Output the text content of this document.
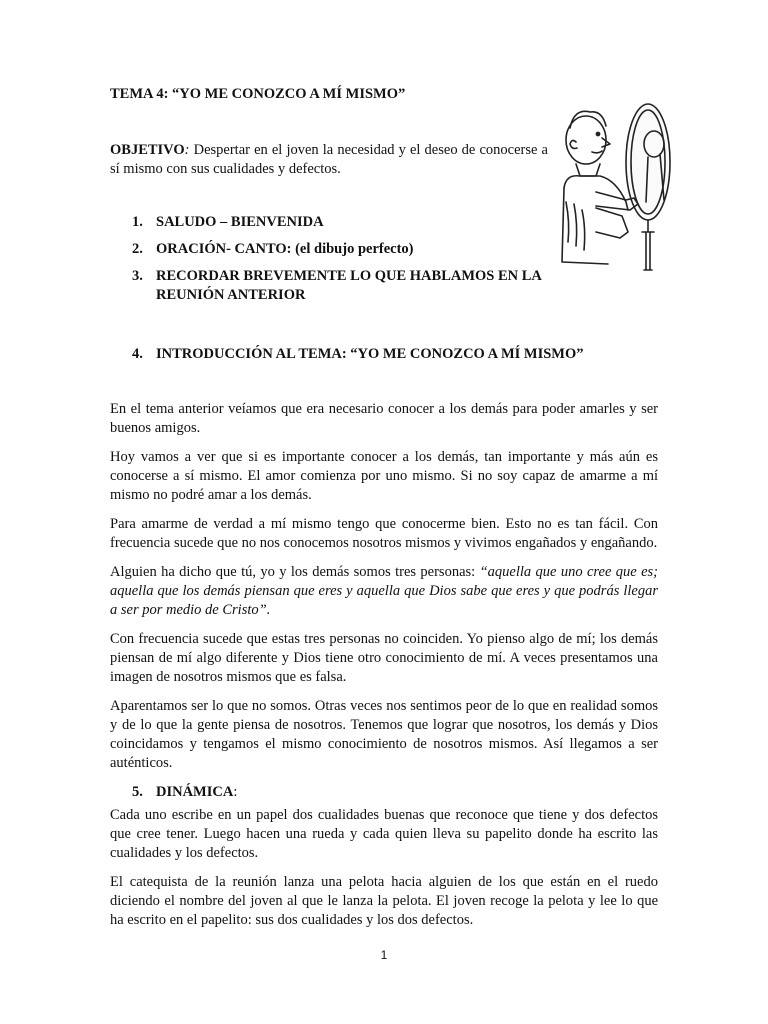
TEMA 4: “YO ME CONOZCO A MÍ MISMO”
OBJETIVO: Despertar en el joven la necesidad y el deseo de conocerse a sí mismo con sus cualidades y defectos.
1. SALUDO – BIENVENIDA
2. ORACIÓN- CANTO: (el dibujo perfecto)
3. RECORDAR BREVEMENTE LO QUE HABLAMOS EN LA REUNIÓN ANTERIOR
4. INTRODUCCIÓN AL TEMA: “YO ME CONOZCO A MÍ MISMO”

En el tema anterior veíamos que era necesario conocer a los demás para poder amarles y ser buenos amigos.

Hoy vamos a ver que si es importante conocer a los demás, tan importante y más aún es conocerse a sí mismo. El amor comienza por uno mismo. Si no soy capaz de amarme a mí mismo no podré amar a los demás.

Para amarme de verdad a mí mismo tengo que conocerme bien. Esto no es tan fácil. Con frecuencia sucede que no nos conocemos nosotros mismos y vivimos engañados y engañando.

Alguien ha dicho que tú, yo y los demás somos tres personas: “aquella que uno cree que es; aquella que los demás piensan que eres y aquella que Dios sabe que eres y que podrás llegar a ser por medio de Cristo”.

Con frecuencia sucede que estas tres personas no coinciden. Yo pienso algo de mí; los demás piensan de mí algo diferente y Dios tiene otro conocimiento de mí. A veces presentamos una imagen de nosotros mismos que es falsa.

Aparentamos ser lo que no somos. Otras veces nos sentimos peor de lo que en realidad somos y de lo que la gente piensa de nosotros. Tenemos que lograr que nosotros, los demás y Dios coincidamos y tengamos el mismo conocimiento de nosotros mismos. Así llegamos a ser auténticos.

5. DINÁMICA:

Cada uno escribe en un papel dos cualidades buenas que reconoce que tiene y dos defectos que cree tener. Luego hacen una rueda y cada quien lleva su papelito donde ha escrito las cualidades y los defectos.

El catequista de la reunión lanza una pelota hacia alguien de los que están en el ruedo diciendo el nombre del joven al que le lanza la pelota. El joven recoge la pelota y lee lo que ha escrito en el papelito: sus dos cualidades y los dos defectos.

1
